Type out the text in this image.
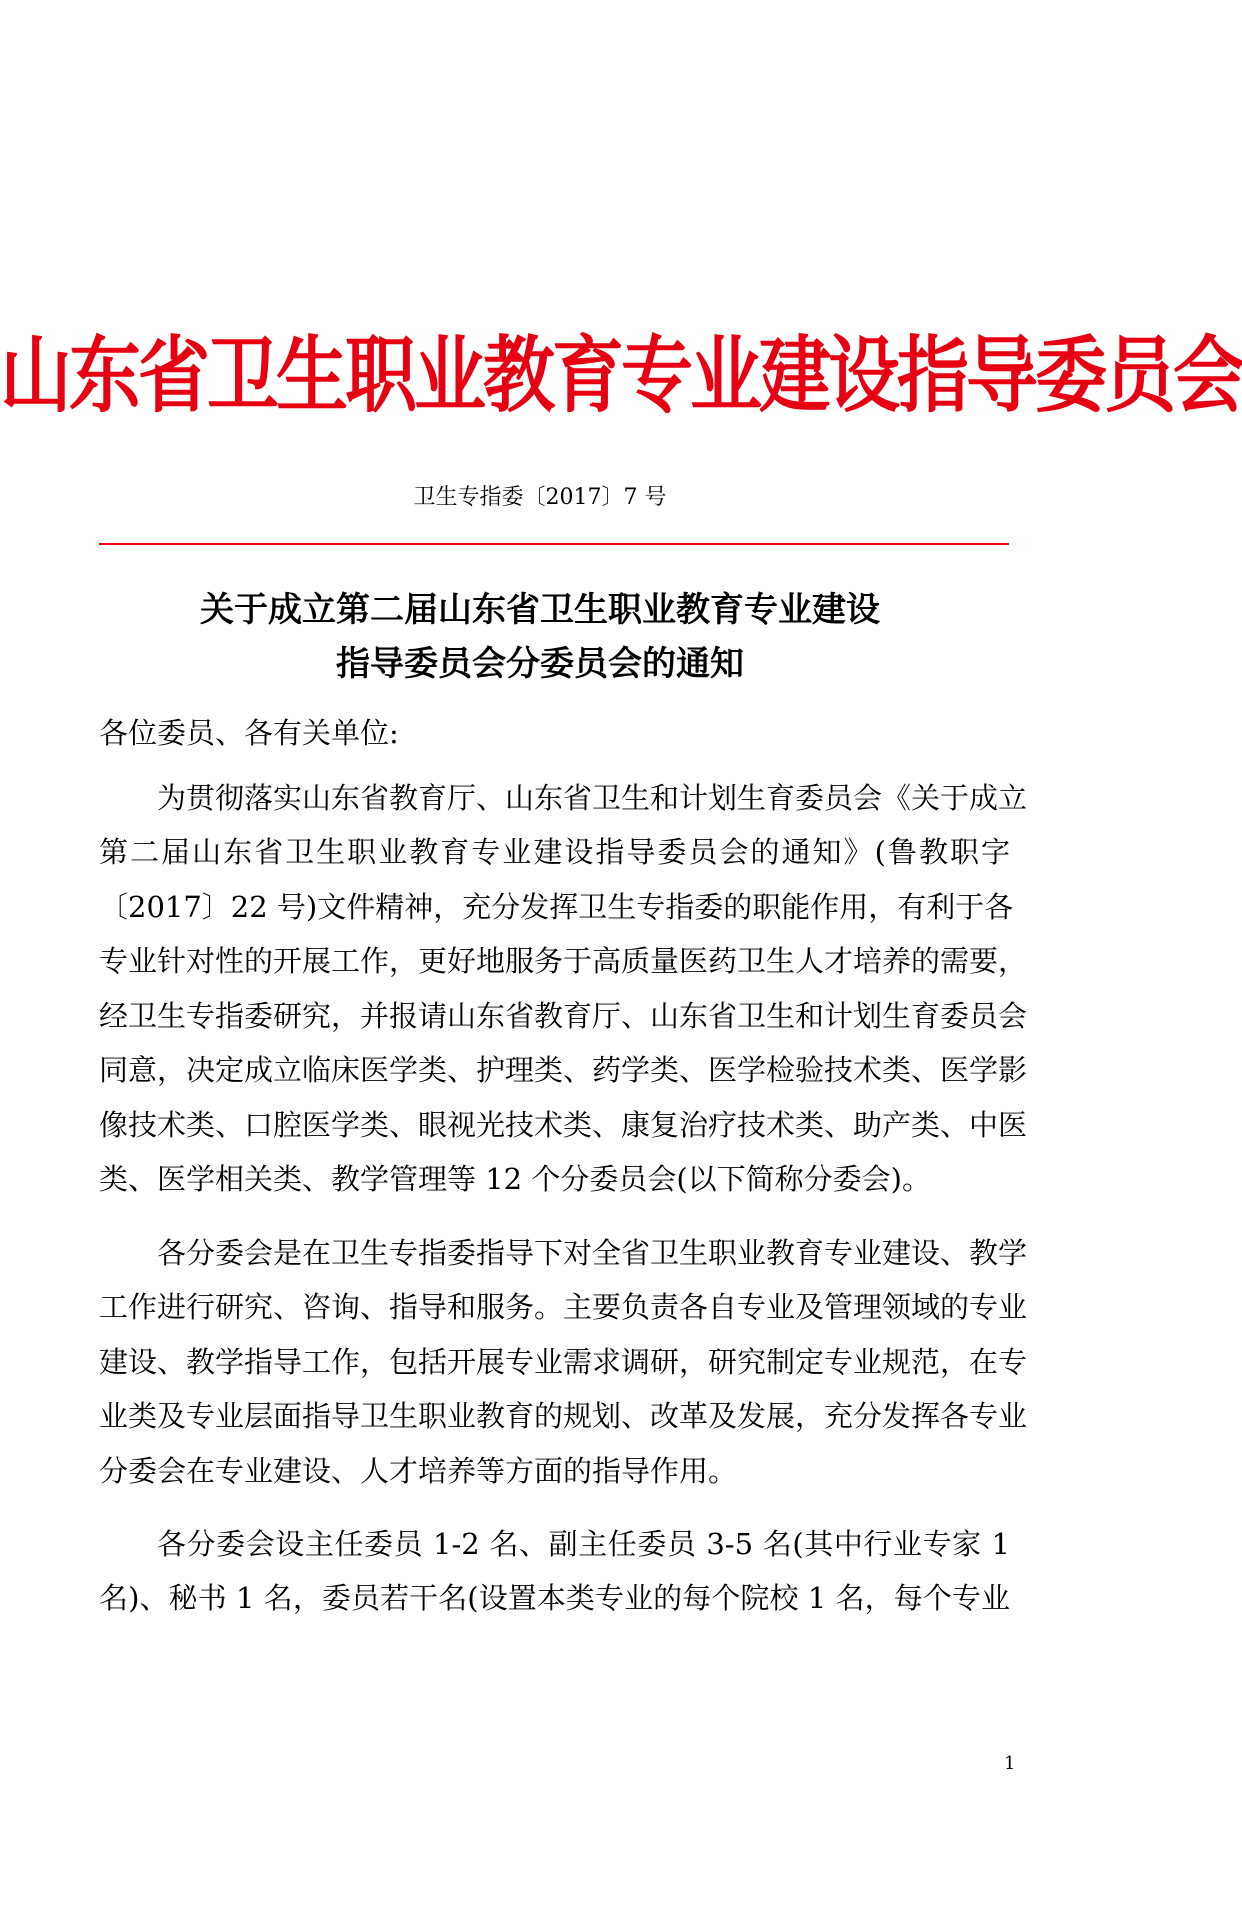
山东省卫生职业教育专业建设指导委员会
卫生专指委〔2017〕7 号
关于成立第二届山东省卫生职业教育专业建设
指导委员会分委员会的通知
各位委员、各有关单位:
为贯彻落实山东省教育厅、山东省卫生和计划生育委员会《关于成立
第二届山东省卫生职业教育专业建设指导委员会的通知》(鲁教职字
〔2017〕22 号)文件精神，充分发挥卫生专指委的职能作用，有利于各
专业针对性的开展工作，更好地服务于高质量医药卫生人才培养的需要，
经卫生专指委研究，并报请山东省教育厅、山东省卫生和计划生育委员会
同意，决定成立临床医学类、护理类、药学类、医学检验技术类、医学影
像技术类、口腔医学类、眼视光技术类、康复治疗技术类、助产类、中医
类、医学相关类、教学管理等 12 个分委员会(以下简称分委会)。
各分委会是在卫生专指委指导下对全省卫生职业教育专业建设、教学
工作进行研究、咨询、指导和服务。主要负责各自专业及管理领域的专业
建设、教学指导工作，包括开展专业需求调研，研究制定专业规范，在专
业类及专业层面指导卫生职业教育的规划、改革及发展，充分发挥各专业
分委会在专业建设、人才培养等方面的指导作用。
各分委会设主任委员 1-2 名、副主任委员 3-5 名(其中行业专家 1
名)、秘书 1 名，委员若干名(设置本类专业的每个院校 1 名，每个专业
1
